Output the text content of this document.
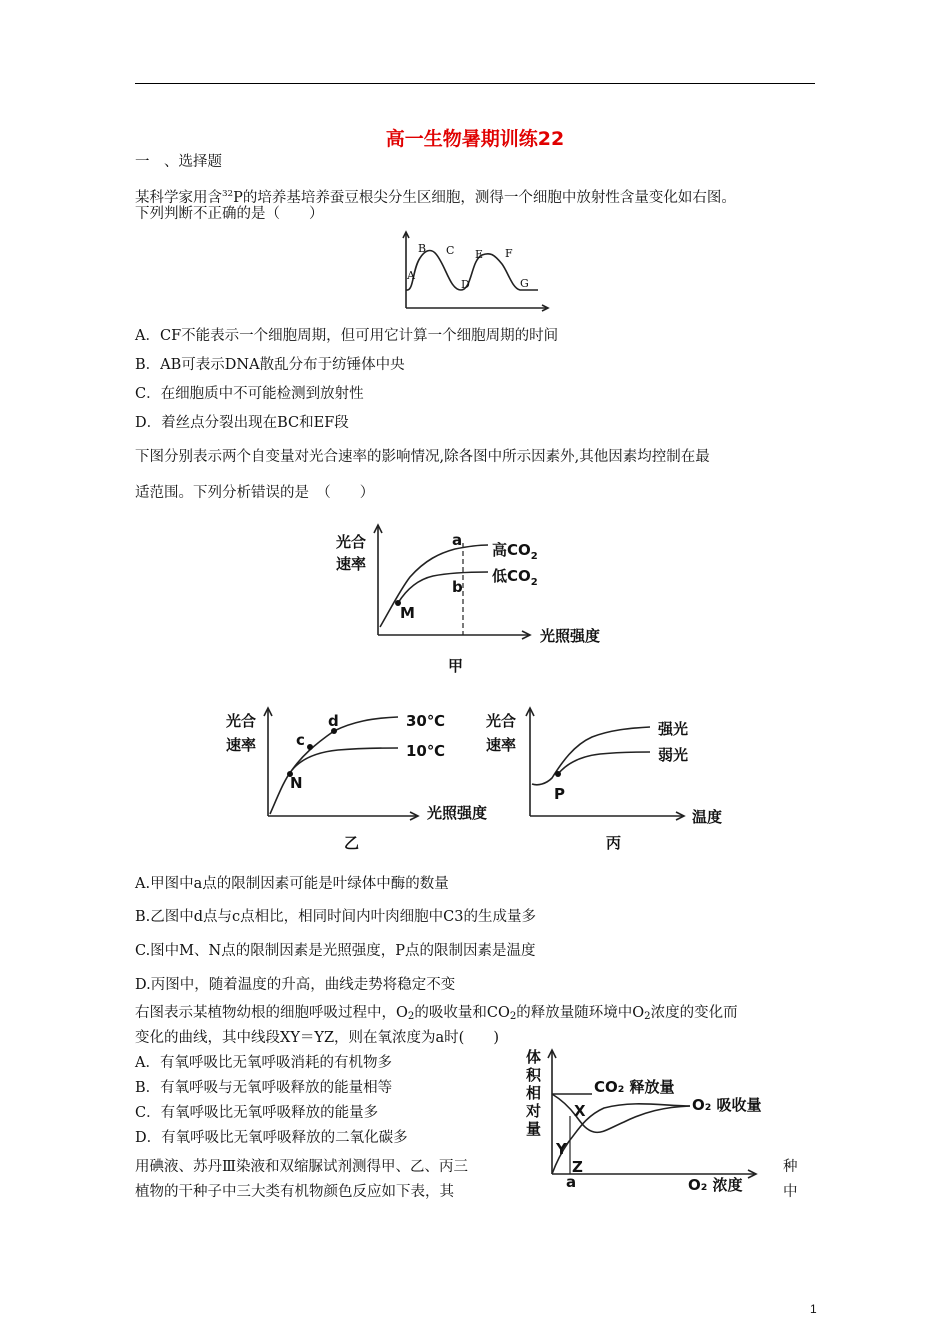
高一生物暑期训练22
一　、选择题
某科学家用含$^{32}$P的培养基培养蚕豆根尖分生区细胞，测得一个细胞中放射性含量变化如右图。
下列判断不正确的是（　　）
A
B C
D
E F
G
A．CF不能表示一个细胞周期，但可用它计算一个细胞周期的时间
B．AB可表示DNA散乱分布于纺锤体中央
C．在细胞质中不可能检测到放射性
D．着丝点分裂出现在BC和EF段
下图分别表示两个自变量对光合速率的影响情况,除各图中所示因素外,其他因素均控制在最
适范围。下列分析错误的是　（　　）
光合
速率
光照强度
M
a
b
高$CO_2$
低$CO_2$
甲
光合
速率
光照强度
N
c
d	30℃
10℃
乙
光合
速率
温度
P
强光
弱光
丙
A.甲图中a点的限制因素可能是叶绿体中酶的数量
B.乙图中d点与c点相比，相同时间内叶肉细胞中C3的生成量多
C.图中M、N点的限制因素是光照强度，P点的限制因素是温度
D.丙图中，随着温度的升高，曲线走势将稳定不变
右图表示某植物幼根的细胞呼吸过程中，$O_2$的吸收量和$CO_2$的释放量随环境中$O_2$浓度的变化而
变化的曲线，其中线段XY＝YZ，则在氧浓度为a时(　　)
A．有氧呼吸比无氧呼吸消耗的有机物多
B．有氧呼吸与无氧呼吸释放的能量相等
C．有氧呼吸比无氧呼吸释放的能量多
D．有氧呼吸比无氧呼吸释放的二氧化碳多
体
积
相
对
量
CO₂ 释放量
O₂ 吸收量
X
Y
Z
a	O₂ 浓度
用碘液、苏丹Ⅲ染液和双缩脲试剂测得甲、乙、丙三	种
植物的干种子中三大类有机物颜色反应如下表，其	中
1
